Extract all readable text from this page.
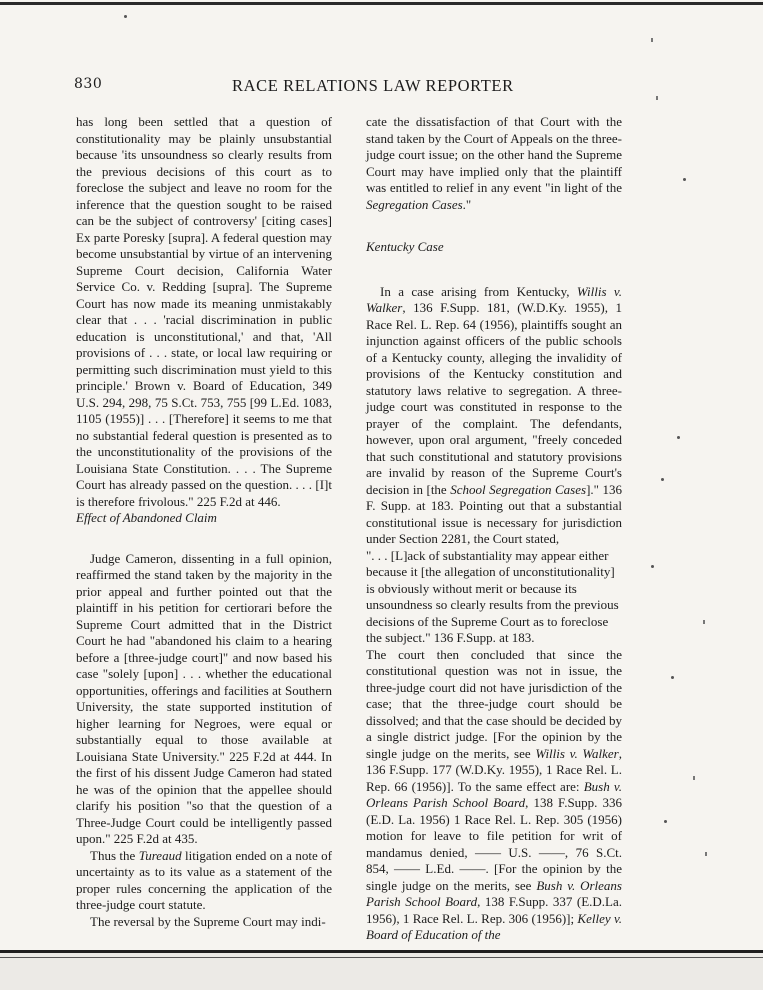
830	RACE RELATIONS LAW REPORTER

has long been settled that a question of constitutionality may be plainly unsubstantial because 'its unsoundness so clearly results from the previous decisions of this court as to foreclose the subject and leave no room for the inference that the question sought to be raised can be the subject of controversy' [citing cases] Ex parte Poresky [supra]. A federal question may become unsubstantial by virtue of an intervening Supreme Court decision, California Water Service Co. v. Redding [supra]. The Supreme Court has now made its meaning unmistakably clear that . . . 'racial discrimination in public education is unconstitutional,' and that, 'All provisions of . . . state, or local law requiring or permitting such discrimination must yield to this principle.' Brown v. Board of Education, 349 U.S. 294, 298, 75 S.Ct. 753, 755 [99 L.Ed. 1083, 1105 (1955)] . . . [Therefore] it seems to me that no substantial federal question is presented as to the unconstitutionality of the provisions of the Louisiana State Constitution. . . . The Supreme Court has already passed on the question. . . . [I]t is therefore frivolous." 225 F.2d at 446.

Effect of Abandoned Claim

Judge Cameron, dissenting in a full opinion, reaffirmed the stand taken by the majority in the prior appeal and further pointed out that the plaintiff in his petition for certiorari before the Supreme Court admitted that in the District Court he had "abandoned his claim to a hearing before a [three-judge court]" and now based his case "solely [upon] . . . whether the educational opportunities, offerings and facilities at Southern University, the state supported institution of higher learning for Negroes, were equal or substantially equal to those available at Louisiana State University." 225 F.2d at 444. In the first of his dissent Judge Cameron had stated he was of the opinion that the appellee should clarify his position "so that the question of a Three-Judge Court could be intelligently passed upon." 225 F.2d at 435.

Thus the Tureaud litigation ended on a note of uncertainty as to its value as a statement of the proper rules concerning the application of the three-judge court statute.

The reversal by the Supreme Court may indi-

cate the dissatisfaction of that Court with the stand taken by the Court of Appeals on the three-judge court issue; on the other hand the Supreme Court may have implied only that the plaintiff was entitled to relief in any event "in light of the Segregation Cases."

Kentucky Case

In a case arising from Kentucky, Willis v. Walker, 136 F.Supp. 181, (W.D.Ky. 1955), 1 Race Rel. L. Rep. 64 (1956), plaintiffs sought an injunction against officers of the public schools of a Kentucky county, alleging the invalidity of provisions of the Kentucky constitution and statutory laws relative to segregation. A three-judge court was constituted in response to the prayer of the complaint. The defendants, however, upon oral argument, "freely conceded that such constitutional and statutory provisions are invalid by reason of the Supreme Court's decision in [the School Segregation Cases]." 136 F. Supp. at 183. Pointing out that a substantial constitutional issue is necessary for jurisdiction under Section 2281, the Court stated,

". . . [L]ack of substantiality may appear either because it [the allegation of unconstitutionality] is obviously without merit or because its unsoundness so clearly results from the previous decisions of the Supreme Court as to foreclose the subject." 136 F.Supp. at 183.

The court then concluded that since the constitutional question was not in issue, the three-judge court did not have jurisdiction of the case; that the three-judge court should be dissolved; and that the case should be decided by a single district judge. [For the opinion by the single judge on the merits, see Willis v. Walker, 136 F.Supp. 177 (W.D.Ky. 1955), 1 Race Rel. L. Rep. 66 (1956)]. To the same effect are: Bush v. Orleans Parish School Board, 138 F.Supp. 336 (E.D. La. 1956) 1 Race Rel. L. Rep. 305 (1956) motion for leave to file petition for writ of mandamus denied, —— U.S. ——, 76 S.Ct. 854, —— L.Ed. ——. [For the opinion by the single judge on the merits, see Bush v. Orleans Parish School Board, 138 F.Supp. 337 (E.D.La. 1956), 1 Race Rel. L. Rep. 306 (1956)]; Kelley v. Board of Education of the
